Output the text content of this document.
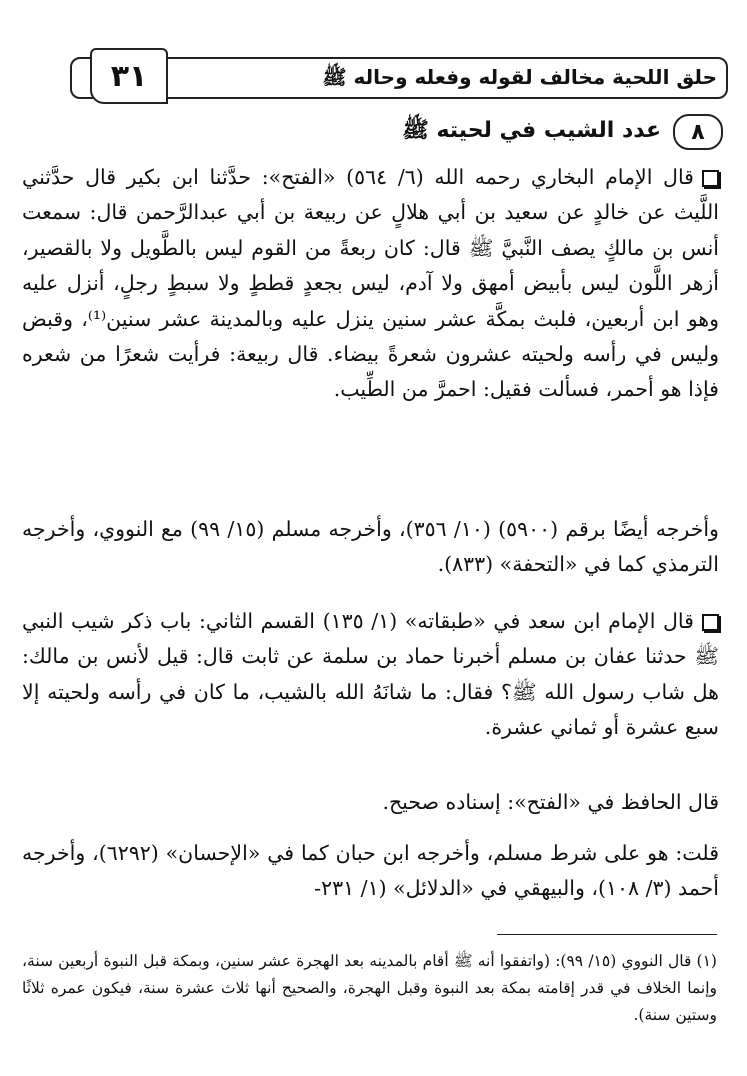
٣١	حلق اللحية مخالف لقوله وفعله وحاله ﷺ
٨
عدد الشيب في لحيته ﷺ

قال الإمام البخاري رحمه الله (٦/ ٥٦٤) «الفتح»: حدَّثنا ابن بكير قال حدَّثني اللَّيث عن خالدٍ عن سعيد بن أبي هلالٍ عن ربيعة بن أبي عبدالرَّحمن قال: سمعت أنس بن مالكٍ يصف النَّبيَّ ﷺ قال: كان ربعةً من القوم ليس بالطَّويل ولا بالقصير، أزهر اللَّون ليس بأبيض أمهق ولا آدم، ليس بجعدٍ قططٍ ولا سبطٍ رجلٍ، أنزل عليه وهو ابن أربعين، فلبث بمكَّة عشر سنين ينزل عليه وبالمدينة عشر سنين⁽¹⁾، وقبض وليس في رأسه ولحيته عشرون شعرةً بيضاء. قال ربيعة: فرأيت شعرًا من شعره فإذا هو أحمر، فسألت فقيل: احمرَّ من الطِّيب.

وأخرجه أيضًا برقم (٥٩٠٠) (١٠/ ٣٥٦)، وأخرجه مسلم (١٥/ ٩٩) مع النووي، وأخرجه الترمذي كما في «التحفة» (٨٣٣).

قال الإمام ابن سعد في «طبقاته» (١/ ١٣٥) القسم الثاني: باب ذكر شيب النبي ﷺ حدثنا عفان بن مسلم أخبرنا حماد بن سلمة عن ثابت قال: قيل لأنس بن مالك: هل شاب رسول الله ﷺ؟ فقال: ما شانَهُ الله بالشيب، ما كان في رأسه ولحيته إلا سبع عشرة أو ثماني عشرة.

قال الحافظ في «الفتح»: إسناده صحيح.

قلت: هو على شرط مسلم، وأخرجه ابن حبان كما في «الإحسان» (٦٢٩٢)، وأخرجه أحمد (٣/ ١٠٨)، والبيهقي في «الدلائل» (١/ ٢٣١-

(١) قال النووي (١٥/ ٩٩): (واتفقوا أنه ﷺ أقام بالمدينه بعد الهجرة عشر سنين، وبمكة قبل النبوة أربعين سنة، وإنما الخلاف في قدر إقامته بمكة بعد النبوة وقبل الهجرة، والصحيح أنها ثلاث عشرة سنة، فيكون عمره ثلاثًا وستين سنة).
